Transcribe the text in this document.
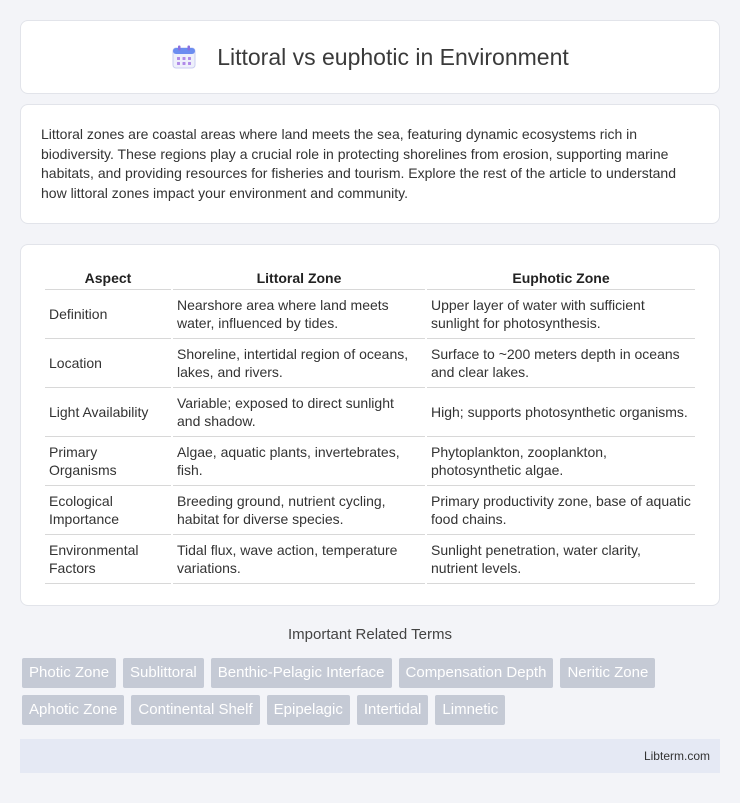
Littoral vs euphotic in Environment

Littoral zones are coastal areas where land meets the sea, featuring dynamic ecosystems rich in biodiversity. These regions play a crucial role in protecting shorelines from erosion, supporting marine habitats, and providing resources for fisheries and tourism. Explore the rest of the article to understand how littoral zones impact your environment and community.

Aspect	Littoral Zone	Euphotic Zone
Definition	Nearshore area where land meets water, influenced by tides.	Upper layer of water with sufficient sunlight for photosynthesis.
Location	Shoreline, intertidal region of oceans, lakes, and rivers.	Surface to ~200 meters depth in oceans and clear lakes.
Light Availability	Variable; exposed to direct sunlight and shadow.	High; supports photosynthetic organisms.
Primary Organisms	Algae, aquatic plants, invertebrates, fish.	Phytoplankton, zooplankton, photosynthetic algae.
Ecological Importance	Breeding ground, nutrient cycling, habitat for diverse species.	Primary productivity zone, base of aquatic food chains.
Environmental Factors	Tidal flux, wave action, temperature variations.	Sunlight penetration, water clarity, nutrient levels.
Important Related Terms
Photic Zone	Sublittoral	Benthic-Pelagic Interface	Compensation Depth	Neritic Zone
Aphotic Zone	Continental Shelf	Epipelagic	Intertidal	Limnetic
Libterm.com
